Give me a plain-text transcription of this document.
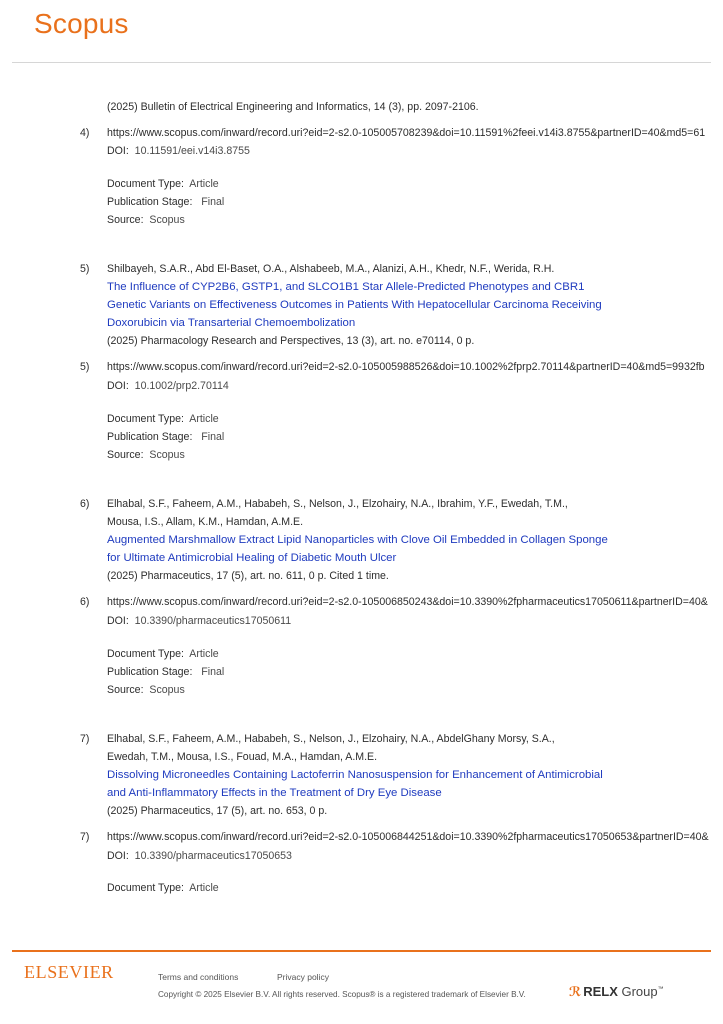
Scopus
(2025) Bulletin of Electrical Engineering and Informatics, 14 (3), pp. 2097-2106.
4) https://www.scopus.com/inward/record.uri?eid=2-s2.0-105005708239&doi=10.11591%2feei.v14i3.8755&partnerID=40&md5=61
DOI: 10.11591/eei.v14i3.8755
Document Type: Article
Publication Stage: Final
Source: Scopus
5) Shilbayeh, S.A.R., Abd El-Baset, O.A., Alshabeeb, M.A., Alanizi, A.H., Khedr, N.F., Werida, R.H.
The Influence of CYP2B6, GSTP1, and SLCO1B1 Star Allele-Predicted Phenotypes and CBR1
Genetic Variants on Effectiveness Outcomes in Patients With Hepatocellular Carcinoma Receiving
Doxorubicin via Transarterial Chemoembolization
(2025) Pharmacology Research and Perspectives, 13 (3), art. no. e70114, 0 p.
5) https://www.scopus.com/inward/record.uri?eid=2-s2.0-105005988526&doi=10.1002%2fprp2.70114&partnerID=40&md5=9932fb
DOI: 10.1002/prp2.70114
Document Type: Article
Publication Stage: Final
Source: Scopus
6) Elhabal, S.F., Faheem, A.M., Hababeh, S., Nelson, J., Elzohairy, N.A., Ibrahim, Y.F., Ewedah, T.M.,
Mousa, I.S., Allam, K.M., Hamdan, A.M.E.
Augmented Marshmallow Extract Lipid Nanoparticles with Clove Oil Embedded in Collagen Sponge
for Ultimate Antimicrobial Healing of Diabetic Mouth Ulcer
(2025) Pharmaceutics, 17 (5), art. no. 611, 0 p. Cited 1 time.
6) https://www.scopus.com/inward/record.uri?eid=2-s2.0-105006850243&doi=10.3390%2fpharmaceutics17050611&partnerID=40&
DOI: 10.3390/pharmaceutics17050611
Document Type: Article
Publication Stage: Final
Source: Scopus
7) Elhabal, S.F., Faheem, A.M., Hababeh, S., Nelson, J., Elzohairy, N.A., AbdelGhany Morsy, S.A.,
Ewedah, T.M., Mousa, I.S., Fouad, M.A., Hamdan, A.M.E.
Dissolving Microneedles Containing Lactoferrin Nanosuspension for Enhancement of Antimicrobial
and Anti-Inflammatory Effects in the Treatment of Dry Eye Disease
(2025) Pharmaceutics, 17 (5), art. no. 653, 0 p.
7) https://www.scopus.com/inward/record.uri?eid=2-s2.0-105006844251&doi=10.3390%2fpharmaceutics17050653&partnerID=40&
DOI: 10.3390/pharmaceutics17050653
Document Type: Article
ELSEVIER	Terms and conditions	Privacy policy
Copyright © 2025 Elsevier B.V. All rights reserved. Scopus® is a registered trademark of Elsevier B.V.	ℛ RELX Group™
